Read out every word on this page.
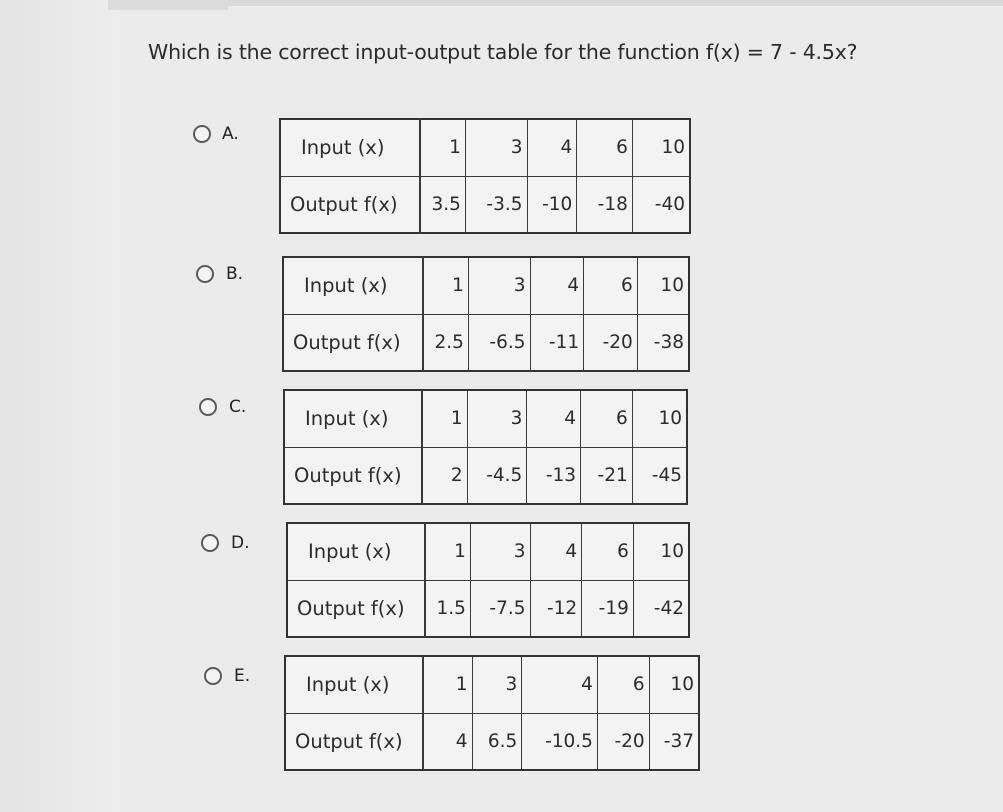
Which is the correct input-output table for the function f(x) = 7 - 4.5x?
A.
Input (x)	1	3	4	6	10
Output f(x)	3.5	-3.5	-10	-18	-40
B.
Input (x)	1	3	4	6	10
Output f(x)	2.5	-6.5	-11	-20	-38
C.
Input (x)	1	3	4	6	10
Output f(x)	2	-4.5	-13	-21	-45
D.	Input (x)	1	3	4	6	10
Output f(x)	1.5	-7.5	-12	-19	-42
E.	Input (x)	1	3	4	6	10
Output f(x)	4	6.5	-10.5	-20	-37
